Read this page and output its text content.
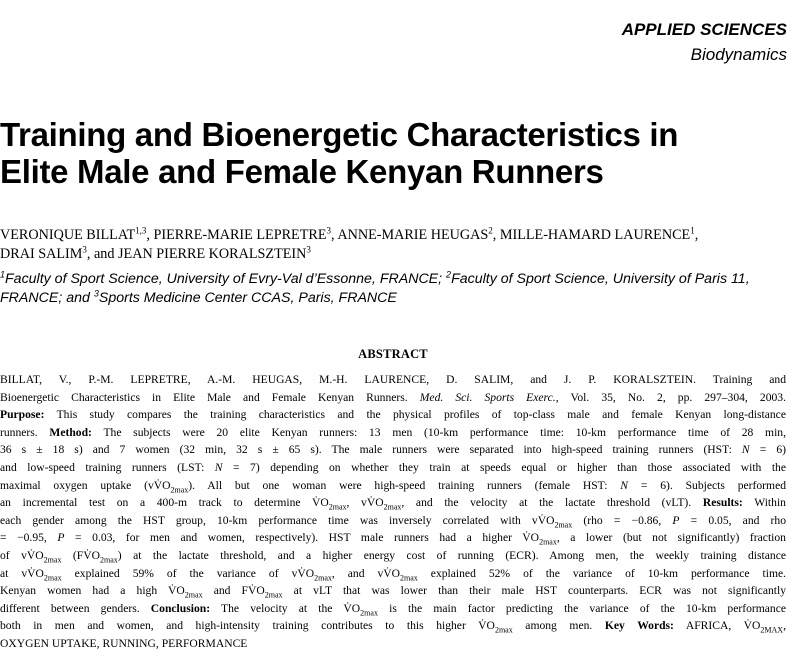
APPLIED SCIENCES
Biodynamics
Training and Bioenergetic Characteristics in
Elite Male and Female Kenyan Runners
VERONIQUE BILLAT$^{1,3}$, PIERRE-MARIE LEPRETRE$^3$, ANNE-MARIE HEUGAS$^2$, MILLE-HAMARD LAURENCE$^1$,
DRAI SALIM$^3$, and JEAN PIERRE KORALSZTEIN$^3$
$^1$Faculty of Sport Science, University of Evry-Val d’Essonne, FRANCE; $^2$Faculty of Sport Science, University of Paris 11,
FRANCE; and $^3$Sports Medicine Center CCAS, Paris, FRANCE
ABSTRACT
BILLAT, V., P.-M. LEPRETRE, A.-M. HEUGAS, M.-H. LAURENCE, D. SALIM, and J. P. KORALSZTEIN. Training and
Bioenergetic Characteristics in Elite Male and Female Kenyan Runners. Med. Sci. Sports Exerc., Vol. 35, No. 2, pp. 297–304, 2003.
Purpose: This study compares the training characteristics and the physical profiles of top-class male and female Kenyan long-distance
runners. Method: The subjects were 20 elite Kenyan runners: 13 men (10-km performance time: 10-km performance time of 28 min,
36 s ± 18 s) and 7 women (32 min, 32 s ± 65 s). The male runners were separated into high-speed training runners (HST: N = 6)
and low-speed training runners (LST: N = 7) depending on whether they train at speeds equal or higher than those associated with the
maximal oxygen uptake $(vV̇O_{2max})$. All but one woman were high-speed training runners (female HST: N = 6). Subjects performed
an incremental test on a 400-m track to determine $V̇O_{2max}$, $vV̇O_{2max}$, and the velocity at the lactate threshold (vLT). Results: Within
each gender among the HST group, 10-km performance time was inversely correlated with $vV̇O_{2max}$ (rho = −0.86, P = 0.05, and rho
= −0.95, P = 0.03, for men and women, respectively). HST male runners had a higher $V̇O_{2max}$, a lower (but not significantly) fraction
of $vV̇O_{2max}$ $(FV̇O_{2max})$ at the lactate threshold, and a higher energy cost of running (ECR). Among men, the weekly training distance
at $vV̇O_{2max}$ explained 59% of the variance of $vV̇O_{2max}$, and $vV̇O_{2max}$ explained 52% of the variance of 10-km performance time.
Kenyan women had a high $V̇O_{2max}$ and $FV̇O_{2max}$ at vLT that was lower than their male HST counterparts. ECR was not significantly
different between genders. Conclusion: The velocity at the $V̇O_{2max}$ is the main factor predicting the variance of the 10-km performance
both in men and women, and high-intensity training contributes to this higher $V̇O_{2max}$ among men. Key Words: AFRICA, $V̇O_{2MAX}$,
OXYGEN UPTAKE, RUNNING, PERFORMANCE
